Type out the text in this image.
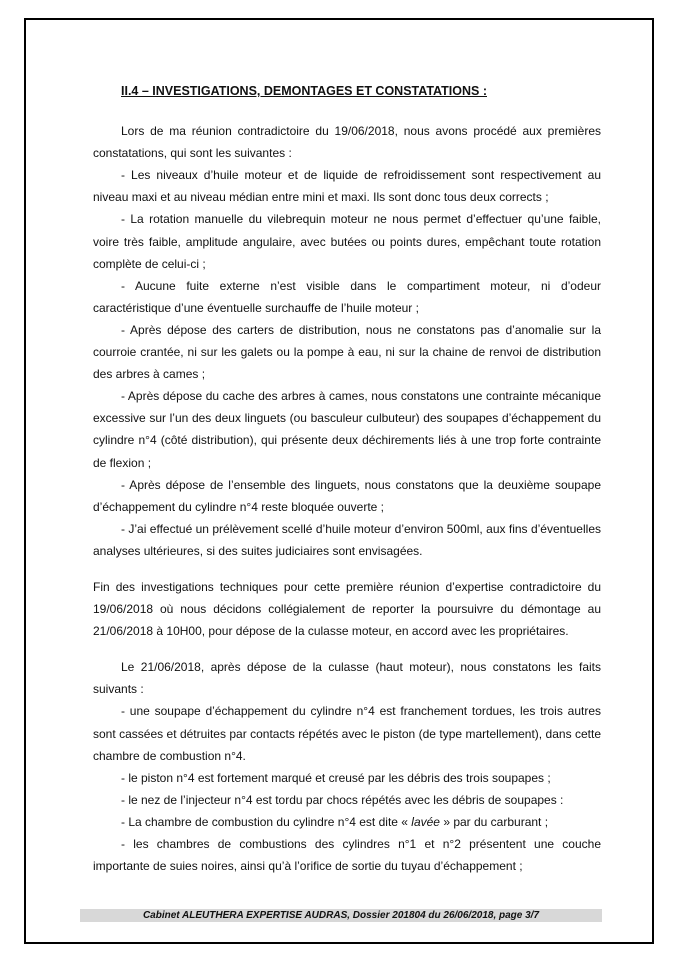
II.4 – INVESTIGATIONS, DEMONTAGES ET CONSTATATIONS :

Lors de ma réunion contradictoire du 19/06/2018, nous avons procédé aux premières constatations, qui sont les suivantes :

- Les niveaux d’huile moteur et de liquide de refroidissement sont respectivement au niveau maxi et au niveau médian entre mini et maxi. Ils sont donc tous deux corrects ;

- La rotation manuelle du vilebrequin moteur ne nous permet d’effectuer qu’une faible, voire très faible, amplitude angulaire, avec butées ou points dures, empêchant toute rotation complète de celui-ci ;

- Aucune fuite externe n’est visible dans le compartiment moteur, ni d’odeur caractéristique d’une éventuelle surchauffe de l’huile moteur ;

- Après dépose des carters de distribution, nous ne constatons pas d’anomalie sur la courroie crantée, ni sur les galets ou la pompe à eau, ni sur la chaine de renvoi de distribution des arbres à cames ;

- Après dépose du cache des arbres à cames, nous constatons une contrainte mécanique excessive sur l’un des deux linguets (ou basculeur culbuteur) des soupapes d’échappement du cylindre n°4 (côté distribution), qui présente deux déchirements liés à une trop forte contrainte de flexion ;

- Après dépose de l’ensemble des linguets, nous constatons que la deuxième soupape d’échappement du cylindre n°4 reste bloquée ouverte ;

- J’ai effectué un prélèvement scellé d’huile moteur d’environ 500ml, aux fins d’éventuelles analyses ultérieures, si des suites judiciaires sont envisagées.

Fin des investigations techniques pour cette première réunion d’expertise contradictoire du 19/06/2018 où nous décidons collégialement de reporter la poursuivre du démontage au 21/06/2018 à 10H00, pour dépose de la culasse moteur, en accord avec les propriétaires.

Le 21/06/2018, après dépose de la culasse (haut moteur), nous constatons les faits suivants :

- une soupape d’échappement du cylindre n°4 est franchement tordues, les trois autres sont cassées et détruites par contacts répétés avec le piston (de type martellement), dans cette chambre de combustion n°4.

- le piston n°4 est fortement marqué et creusé par les débris des trois soupapes ;

- le nez de l’injecteur n°4 est tordu par chocs répétés avec les débris de soupapes :

- La chambre de combustion du cylindre n°4 est dite « lavée » par du carburant ;

- les chambres de combustions des cylindres n°1 et n°2 présentent une couche importante de suies noires, ainsi qu’à l’orifice de sortie du tuyau d’échappement ;

Cabinet ALEUTHERA EXPERTISE AUDRAS, Dossier 201804 du 26/06/2018, page 3/7
